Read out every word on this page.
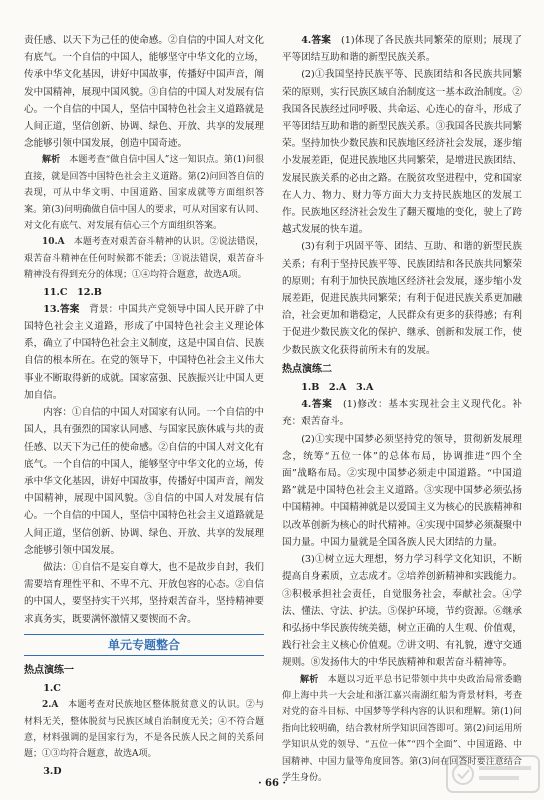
责任感、以天下为己任的使命感。②自信的中国人对文化有底气。一个自信的中国人，能够坚守中华文化的立场，传承中华文化基因，讲好中国故事，传播好中国声音，阐发中国精神，展现中国风貌。③自信的中国人对发展有信心。一个自信的中国人，坚信中国特色社会主义道路就是人间正道，坚信创新、协调、绿色、开放、共享的发展理念能够引领中国发展，创造中国奇迹。

解析　 本题考查“做自信中国人”这一知识点。第(1)问很直接，就是回答中国特色社会主义道路。第(2)问回答自信的表现，可从中华文明、中国道路、国家成就等方面组织答案。第(3)问明确做自信中国人的要求，可从对国家有认同、对文化有底气、对发展有信心三个方面组织答案。

10.A　 本题考查对艰苦奋斗精神的认识。②说法错误，艰苦奋斗精神在任何时候都不能丢；③说法错误，艰苦奋斗精神没有得到充分的体现；①④均符合题意，故选A项。

11.C　12.B

13.答案　 背景：中国共产党领导中国人民开辟了中国特色社会主义道路，形成了中国特色社会主义理论体系，确立了中国特色社会主义制度，这是中国自信、民族自信的根本所在。在党的领导下，中国特色社会主义伟大事业不断取得新的成就。国家富强、民族振兴让中国人更加自信。

内容：①自信的中国人对国家有认同。一个自信的中国人，具有强烈的国家认同感、与国家民族休戚与共的责任感、以天下为己任的使命感。②自信的中国人对文化有底气。一个自信的中国人，能够坚守中华文化的立场，传承中华文化基因，讲好中国故事，传播好中国声音，阐发中国精神，展现中国风貌。③自信的中国人对发展有信心。一个自信的中国人，坚信中国特色社会主义道路就是人间正道，坚信创新、协调、绿色、开放、共享的发展理念能够引领中国发展。

做法：①自信不是妄自尊大，也不是故步自封，我们需要培育理性平和、不卑不亢、开放包容的心态。②自信的中国人，要坚持实干兴邦，坚持艰苦奋斗，坚持精神要求真务实，既要满怀激情又要锲而不舍。

单元专题整合
热点演练一

1.C

2.A　 本题考查对民族地区整体脱贫意义的认识。②与材料无关，整体脱贫与民族区域自治制度无关；④不符合题意，材料强调的是国家行为，不是各民族人民之间的关系问题；①③均符合题意，故选A项。

3.D

4.答案　 (1)体现了各民族共同繁荣的原则；展现了平等团结互助和谐的新型民族关系。

(2)①我国坚持民族平等、民族团结和各民族共同繁荣的原则，实行民族区域自治制度这一基本政治制度。②我国各民族经过同呼吸、共命运、心连心的奋斗，形成了平等团结互助和谐的新型民族关系。③我国各民族共同繁荣。坚持加快少数民族和民族地区经济社会发展，逐步缩小发展差距，促进民族地区共同繁荣，是增进民族团结、发展民族关系的必由之路。在脱贫攻坚进程中，党和国家在人力、物力、财力等方面大力支持民族地区的发展工作。民族地区经济社会发生了翻天覆地的变化，驶上了跨越式发展的快车道。

(3)有利于巩固平等、团结、互助、和谐的新型民族关系；有利于坚持民族平等、民族团结和各民族共同繁荣的原则；有利于加快民族地区经济社会发展，逐步缩小发展差距，促进民族共同繁荣；有利于促进民族关系更加融洽，社会更加和谐稳定，人民群众有更多的获得感；有利于促进少数民族文化的保护、继承、创新和发展工作，使少数民族文化获得前所未有的发展。

热点演练二

1.B　2.A　3.A

4.答案　 (1)修改：基本实现社会主义现代化。补充：艰苦奋斗。

(2)①实现中国梦必须坚持党的领导，贯彻新发展理念，统筹“五位一体”的总体布局，协调推进“四个全面”战略布局。②实现中国梦必须走中国道路。“中国道路”就是中国特色社会主义道路。③实现中国梦必须弘扬中国精神。中国精神就是以爱国主义为核心的民族精神和以改革创新为核心的时代精神。④实现中国梦必须凝聚中国力量。中国力量就是全国各族人民大团结的力量。

(3)①树立远大理想，努力学习科学文化知识，不断提高自身素质，立志成才。②培养创新精神和实践能力。③积极承担社会责任，自觉服务社会，奉献社会。④学法、懂法、守法、护法。⑤保护环境，节约资源。⑥继承和弘扬中华民族传统美德，树立正确的人生观、价值观，践行社会主义核心价值观。⑦讲文明、有礼貌，遵守交通规则。⑧发扬伟大的中华民族精神和艰苦奋斗精神等。

解析　 本题以习近平总书记带领中共中央政治局常委瞻仰上海中共一大会址和浙江嘉兴南湖红船为背景材料，考查对党的奋斗目标、中国梦等学科内容的认识和理解。第(1)问指向比较明确，结合教材所学知识回答即可。第(2)问运用所学知识从党的领导、“五位一体”“四个全面”、中国道路、中国精神、中国力量等角度回答。第(3)问在回答时要注意结合学生身份。

· 66 ·
